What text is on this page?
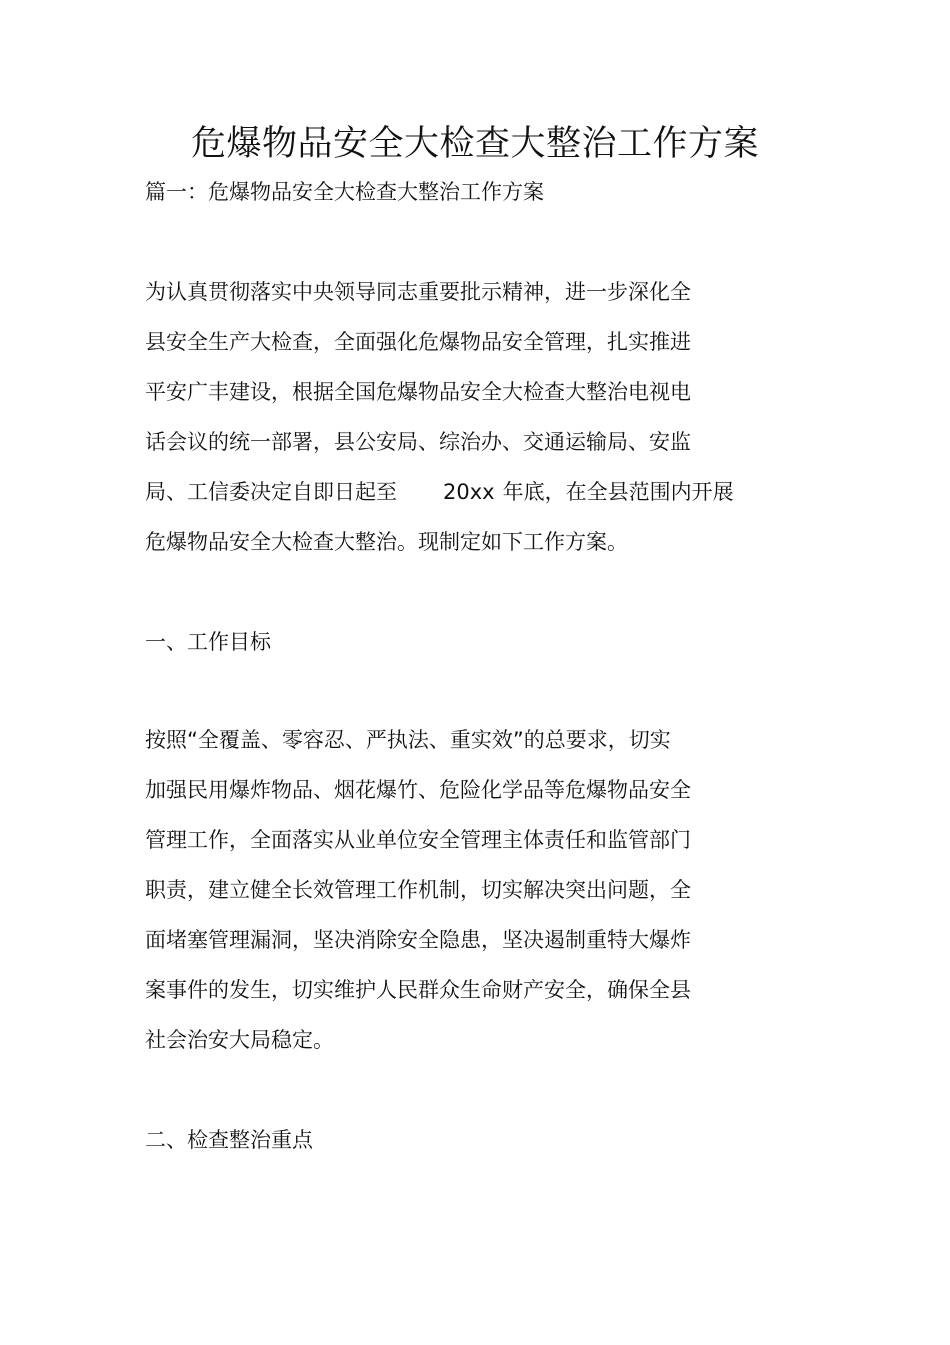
危爆物品安全大检查大整治工作方案

篇一：危爆物品安全大检查大整治工作方案

为认真贯彻落实中央领导同志重要批示精神，进一步深化全

县安全生产大检查，全面强化危爆物品安全管理，扎实推进

平安广丰建设，根据全国危爆物品安全大检查大整治电视电

话会议的统一部署，县公安局、综治办、交通运输局、安监

局、工信委决定自即日起至 20xx 年底，在全县范围内开展

危爆物品安全大检查大整治。现制定如下工作方案。

一、工作目标

按照“全覆盖、零容忍、严执法、重实效”的总要求，切实

加强民用爆炸物品、烟花爆竹、危险化学品等危爆物品安全

管理工作，全面落实从业单位安全管理主体责任和监管部门

职责，建立健全长效管理工作机制，切实解决突出问题，全

面堵塞管理漏洞，坚决消除安全隐患，坚决遏制重特大爆炸

案事件的发生，切实维护人民群众生命财产安全，确保全县

社会治安大局稳定。

二、检查整治重点
